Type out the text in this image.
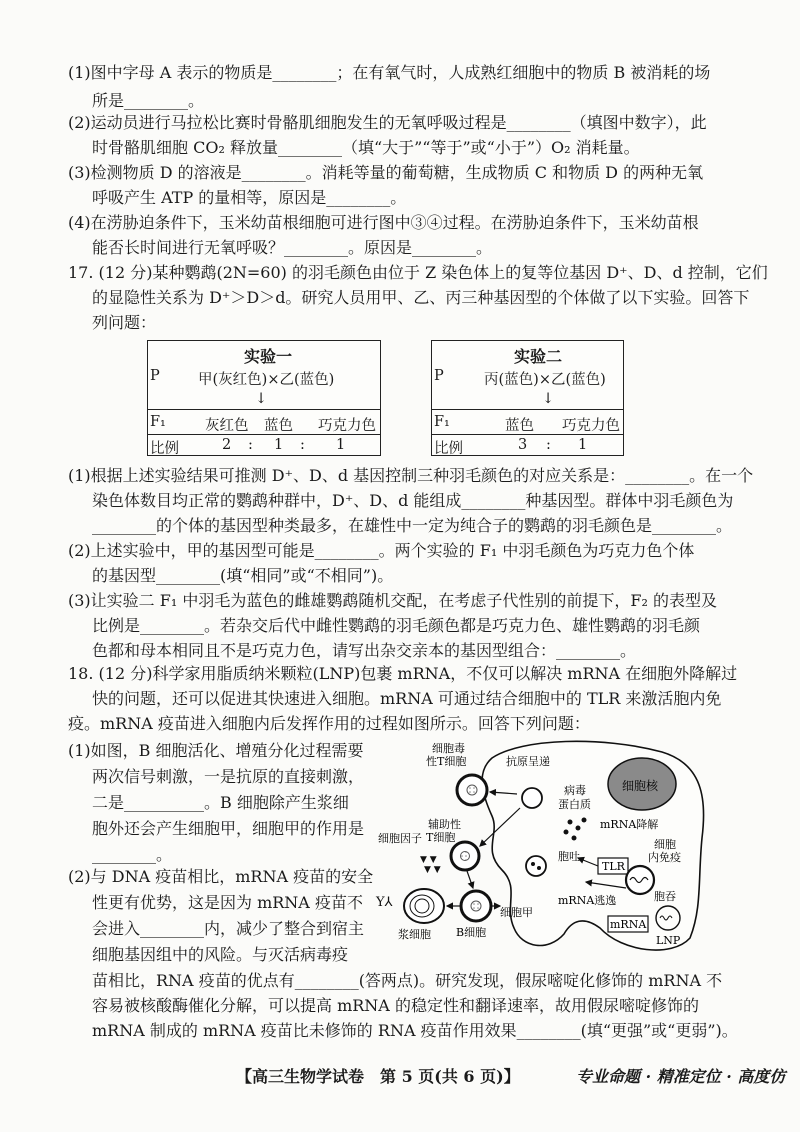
(1)图中字母 A 表示的物质是________；在有氧气时，人成熟红细胞中的物质 B 被消耗的场
所是________。
(2)运动员进行马拉松比赛时骨骼肌细胞发生的无氧呼吸过程是________（填图中数字），此
时骨骼肌细胞 CO₂ 释放量________（填“大于”“等于”或“小于”）O₂ 消耗量。
(3)检测物质 D 的溶液是________。消耗等量的葡萄糖，生成物质 C 和物质 D 的两种无氧
呼吸产生 ATP 的量相等，原因是________。
(4)在涝胁迫条件下，玉米幼苗根细胞可进行图中③④过程。在涝胁迫条件下，玉米幼苗根
能否长时间进行无氧呼吸？________。原因是________。
17. (12 分)某种鹦鹉(2N=60) 的羽毛颜色由位于 Z 染色体上的复等位基因 D⁺、D、d 控制，它们
的显隐性关系为 D⁺＞D＞d。研究人员用甲、乙、丙三种基因型的个体做了以下实验。回答下
列问题：
实验一
P	甲(灰红色)×乙(蓝色)
↓
F₁	灰红色 蓝色 巧克力色
比例	2 : 1 : 1
实验二
P	丙(蓝色)×乙(蓝色)
↓
F₁	蓝色 巧克力色
比例	3 : 1
(1)根据上述实验结果可推测 D⁺、D、d 基因控制三种羽毛颜色的对应关系是：________。在一个
染色体数目均正常的鹦鹉种群中，D⁺、D、d 能组成________种基因型。群体中羽毛颜色为
________的个体的基因型种类最多，在雄性中一定为纯合子的鹦鹉的羽毛颜色是________。
(2)上述实验中，甲的基因型可能是________。两个实验的 F₁ 中羽毛颜色为巧克力色个体
的基因型________(填“相同”或“不相同”)。
(3)让实验二 F₁ 中羽毛为蓝色的雌雄鹦鹉随机交配，在考虑子代性别的前提下，F₂ 的表型及
比例是________。若杂交后代中雌性鹦鹉的羽毛颜色都是巧克力色、雄性鹦鹉的羽毛颜
色都和母本相同且不是巧克力色，请写出杂交亲本的基因型组合：________。
18. (12 分)科学家用脂质纳米颗粒(LNP)包裹 mRNA，不仅可以解决 mRNA 在细胞外降解过
快的问题，还可以促进其快速进入细胞。mRNA 可通过结合细胞中的 TLR 来激活胞内免
疫。mRNA 疫苗进入细胞内后发挥作用的过程如图所示。回答下列问题：
(1)如图，B 细胞活化、增殖分化过程需要
两次信号刺激，一是抗原的直接刺激，
二是__________。B 细胞除产生浆细
胞外还会产生细胞甲，细胞甲的作用是
________。
(2)与 DNA 疫苗相比，mRNA 疫苗的安全
性更有优势，这是因为 mRNA 疫苗不
会进入________内，减少了整合到宿主
细胞基因组中的风险。与灭活病毒疫
苗相比，RNA 疫苗的优点有________(答两点)。研究发现，假尿嘧啶化修饰的 mRNA 不
容易被核酸酶催化分解，可以提高 mRNA 的稳定性和翻译速率，故用假尿嘧啶修饰的
mRNA 制成的 mRNA 疫苗比未修饰的 RNA 疫苗作用效果________(填“更强”或“更弱”)。
细胞核
细胞毒
性T细胞	抗原呈递
病毒
蛋白质
mRNA降解
辅助性
T细胞
细胞因子
▼ ▼
▼ ▼
胞吐
细胞
内免疫
TLR
胞吞
mRNA逃逸
mRNA
LNP
B细胞
细胞甲
浆细胞
Y⅄
【高三生物学试卷　第 5 页(共 6 页)】	专业命题 · 精准定位 · 高度仿
